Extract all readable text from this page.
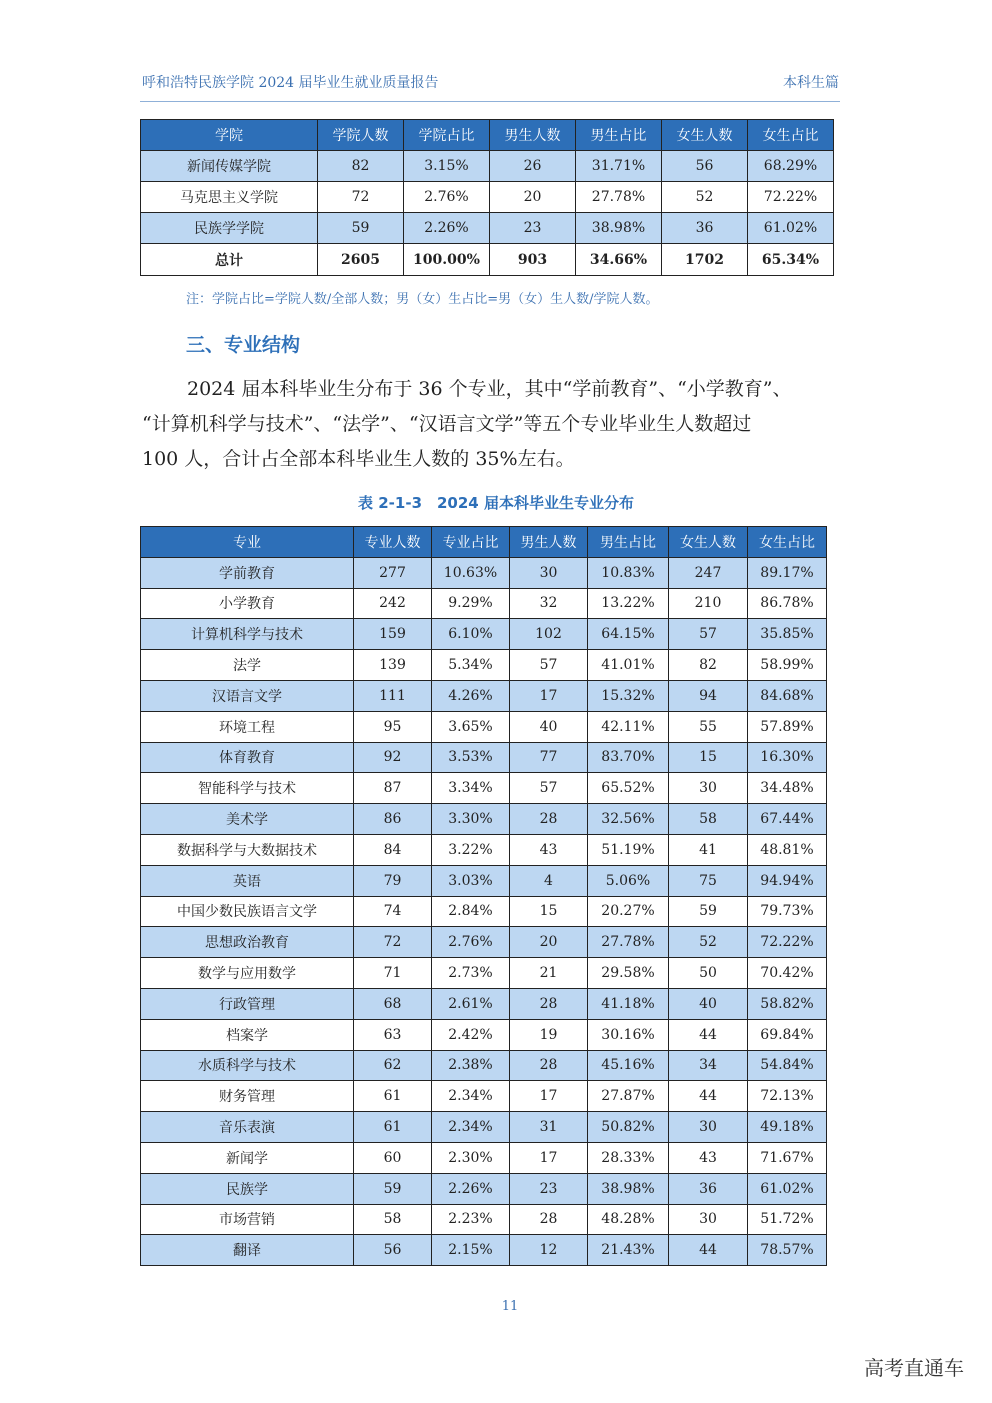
呼和浩特民族学院 2024 届毕业生就业质量报告	本科生篇
学院	学院人数	学院占比	男生人数	男生占比	女生人数	女生占比
新闻传媒学院	82	3.15%	26	31.71%	56	68.29%
马克思主义学院	72	2.76%	20	27.78%	52	72.22%
民族学学院	59	2.26%	23	38.98%	36	61.02%
总计	2605	100.00%	903	34.66%	1702	65.34%
注：学院占比=学院人数/全部人数；男（女）生占比=男（女）生人数/学院人数。
三、专业结构
2024 届本科毕业生分布于 36 个专业，其中“学前教育”、“小学教育”、
“计算机科学与技术”、“法学”、“汉语言文学”等五个专业毕业生人数超过
100 人，合计占全部本科毕业生人数的 35%左右。
表 2-1-3　2024 届本科毕业生专业分布
专业	专业人数	专业占比	男生人数	男生占比	女生人数	女生占比
学前教育	277	10.63%	30	10.83%	247	89.17%
小学教育	242	9.29%	32	13.22%	210	86.78%
计算机科学与技术	159	6.10%	102	64.15%	57	35.85%
法学	139	5.34%	57	41.01%	82	58.99%
汉语言文学	111	4.26%	17	15.32%	94	84.68%
环境工程	95	3.65%	40	42.11%	55	57.89%
体育教育	92	3.53%	77	83.70%	15	16.30%
智能科学与技术	87	3.34%	57	65.52%	30	34.48%
美术学	86	3.30%	28	32.56%	58	67.44%
数据科学与大数据技术	84	3.22%	43	51.19%	41	48.81%
英语	79	3.03%	4	5.06%	75	94.94%
中国少数民族语言文学	74	2.84%	15	20.27%	59	79.73%
思想政治教育	72	2.76%	20	27.78%	52	72.22%
数学与应用数学	71	2.73%	21	29.58%	50	70.42%
行政管理	68	2.61%	28	41.18%	40	58.82%
档案学	63	2.42%	19	30.16%	44	69.84%
水质科学与技术	62	2.38%	28	45.16%	34	54.84%
财务管理	61	2.34%	17	27.87%	44	72.13%
音乐表演	61	2.34%	31	50.82%	30	49.18%
新闻学	60	2.30%	17	28.33%	43	71.67%
民族学	59	2.26%	23	38.98%	36	61.02%
市场营销	58	2.23%	28	48.28%	30	51.72%
翻译	56	2.15%	12	21.43%	44	78.57%
11
高考直通车
